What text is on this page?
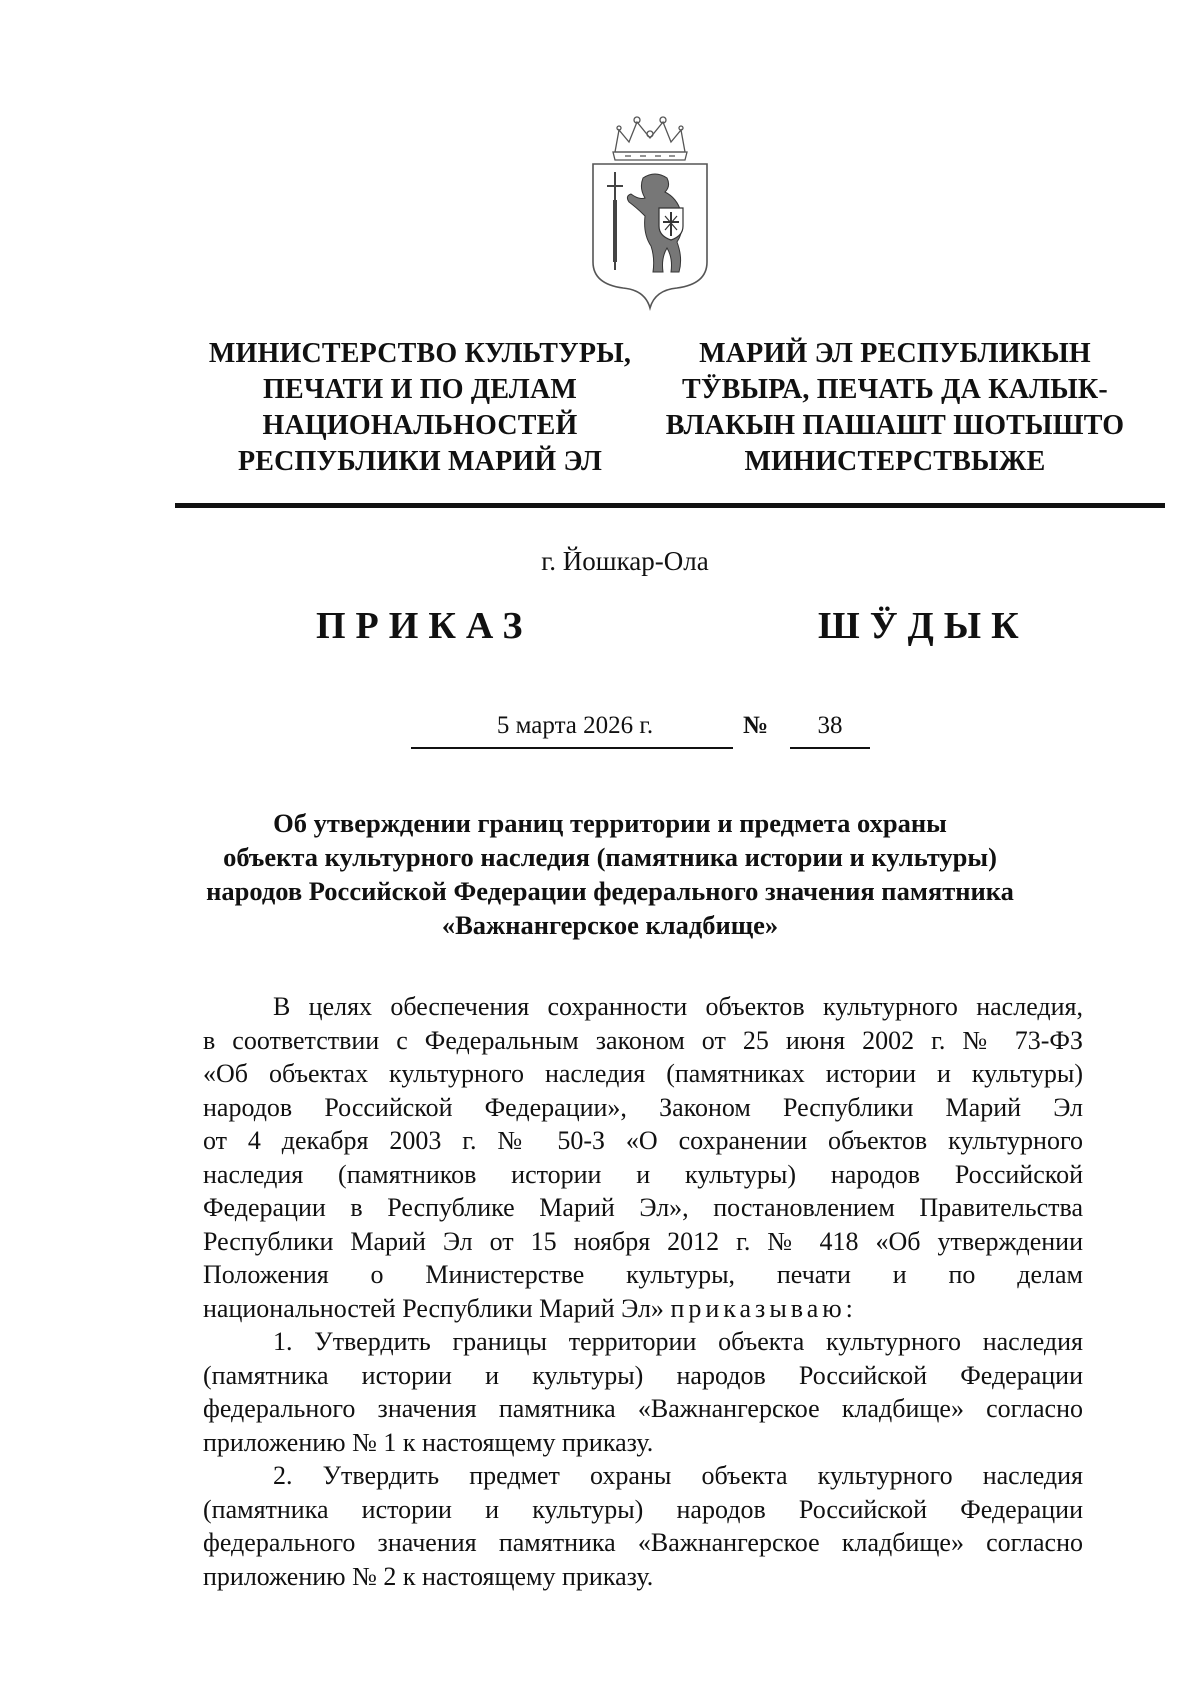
МИНИСТЕРСТВО КУЛЬТУРЫ,
ПЕЧАТИ И ПО ДЕЛАМ
НАЦИОНАЛЬНОСТЕЙ
РЕСПУБЛИКИ МАРИЙ ЭЛ
МАРИЙ ЭЛ РЕСПУБЛИКЫН
ТӰВЫРА, ПЕЧАТЬ ДА КАЛЫК-
ВЛАКЫН ПАШАШТ ШОТЫШТО
МИНИСТЕРСТВЫЖЕ
г. Йошкар-Ола
ПРИКАЗ	ШӰДЫК
5 марта 2026 г.	№	38
Об утверждении границ территории и предмета охраны
объекта культурного наследия (памятника истории и культуры)
народов Российской Федерации федерального значения памятника
«Важнангерское кладбище»
В целях обеспечения сохранности объектов культурного наследия,
в соответствии с Федеральным законом от 25 июня 2002 г. № 73-ФЗ
«Об объектах культурного наследия (памятниках истории и культуры)
народов Российской Федерации», Законом Республики Марий Эл
от 4 декабря 2003 г. № 50-З «О сохранении объектов культурного
наследия (памятников истории и культуры) народов Российской
Федерации в Республике Марий Эл», постановлением Правительства
Республики Марий Эл от 15 ноября 2012 г. № 418 «Об утверждении
Положения о Министерстве культуры, печати и по делам
национальностей Республики Марий Эл» приказываю:
1. Утвердить границы территории объекта культурного наследия
(памятника истории и культуры) народов Российской Федерации
федерального значения памятника «Важнангерское кладбище» согласно
приложению № 1 к настоящему приказу.
2. Утвердить предмет охраны объекта культурного наследия
(памятника истории и культуры) народов Российской Федерации
федерального значения памятника «Важнангерское кладбище» согласно
приложению № 2 к настоящему приказу.
